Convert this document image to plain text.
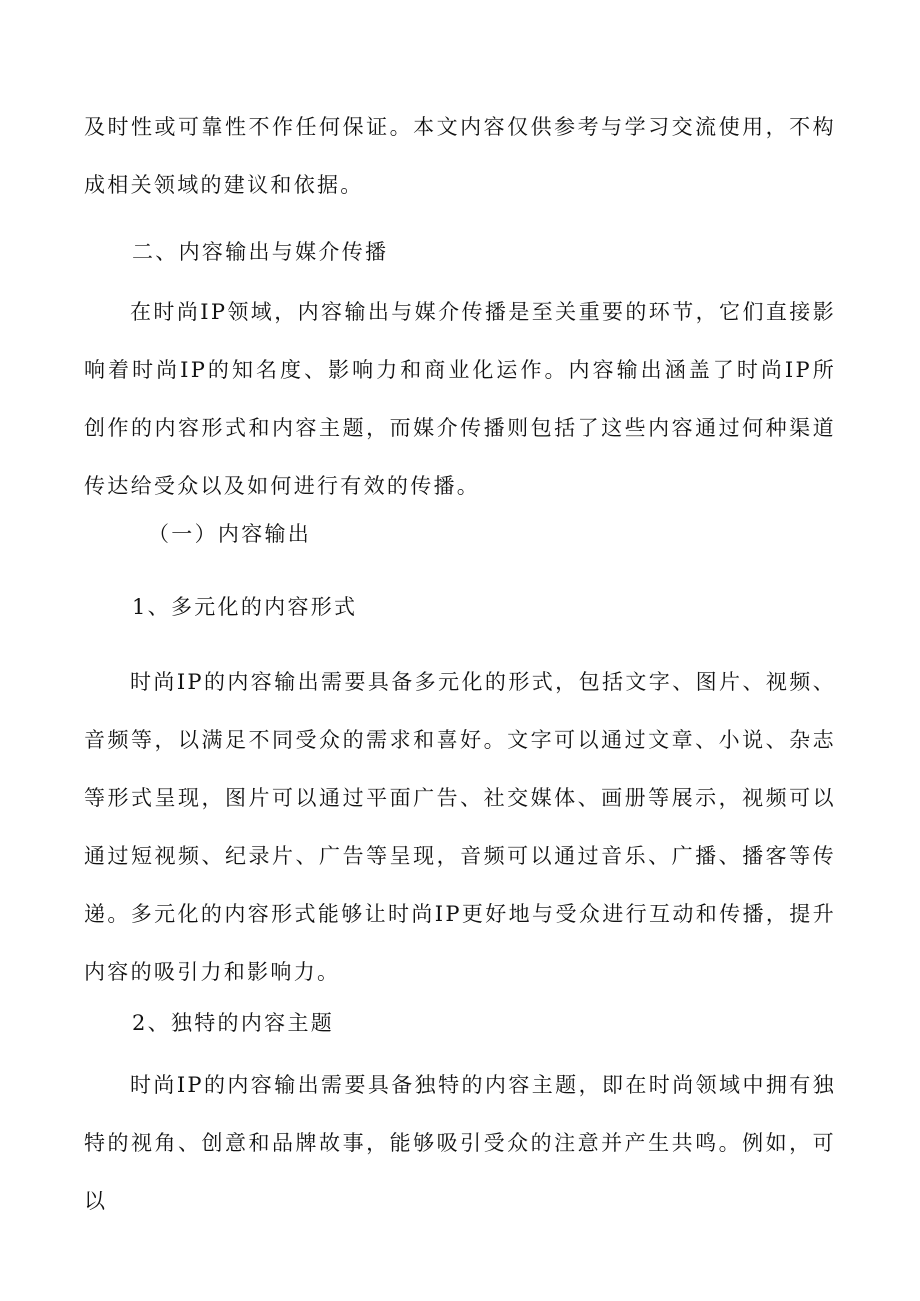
及时性或可靠性不作任何保证。本文内容仅供参考与学习交流使用，不构成相关领域的建议和依据。

二、内容输出与媒介传播

在时尚IP领域，内容输出与媒介传播是至关重要的环节，它们直接影响着时尚IP的知名度、影响力和商业化运作。内容输出涵盖了时尚IP所创作的内容形式和内容主题，而媒介传播则包括了这些内容通过何种渠道传达给受众以及如何进行有效的传播。

（一）内容输出

1、多元化的内容形式

时尚IP的内容输出需要具备多元化的形式，包括文字、图片、视频、音频等，以满足不同受众的需求和喜好。文字可以通过文章、小说、杂志等形式呈现，图片可以通过平面广告、社交媒体、画册等展示，视频可以通过短视频、纪录片、广告等呈现，音频可以通过音乐、广播、播客等传递。多元化的内容形式能够让时尚IP更好地与受众进行互动和传播，提升内容的吸引力和影响力。

2、独特的内容主题

时尚IP的内容输出需要具备独特的内容主题，即在时尚领域中拥有独特的视角、创意和品牌故事，能够吸引受众的注意并产生共鸣。例如，可以
